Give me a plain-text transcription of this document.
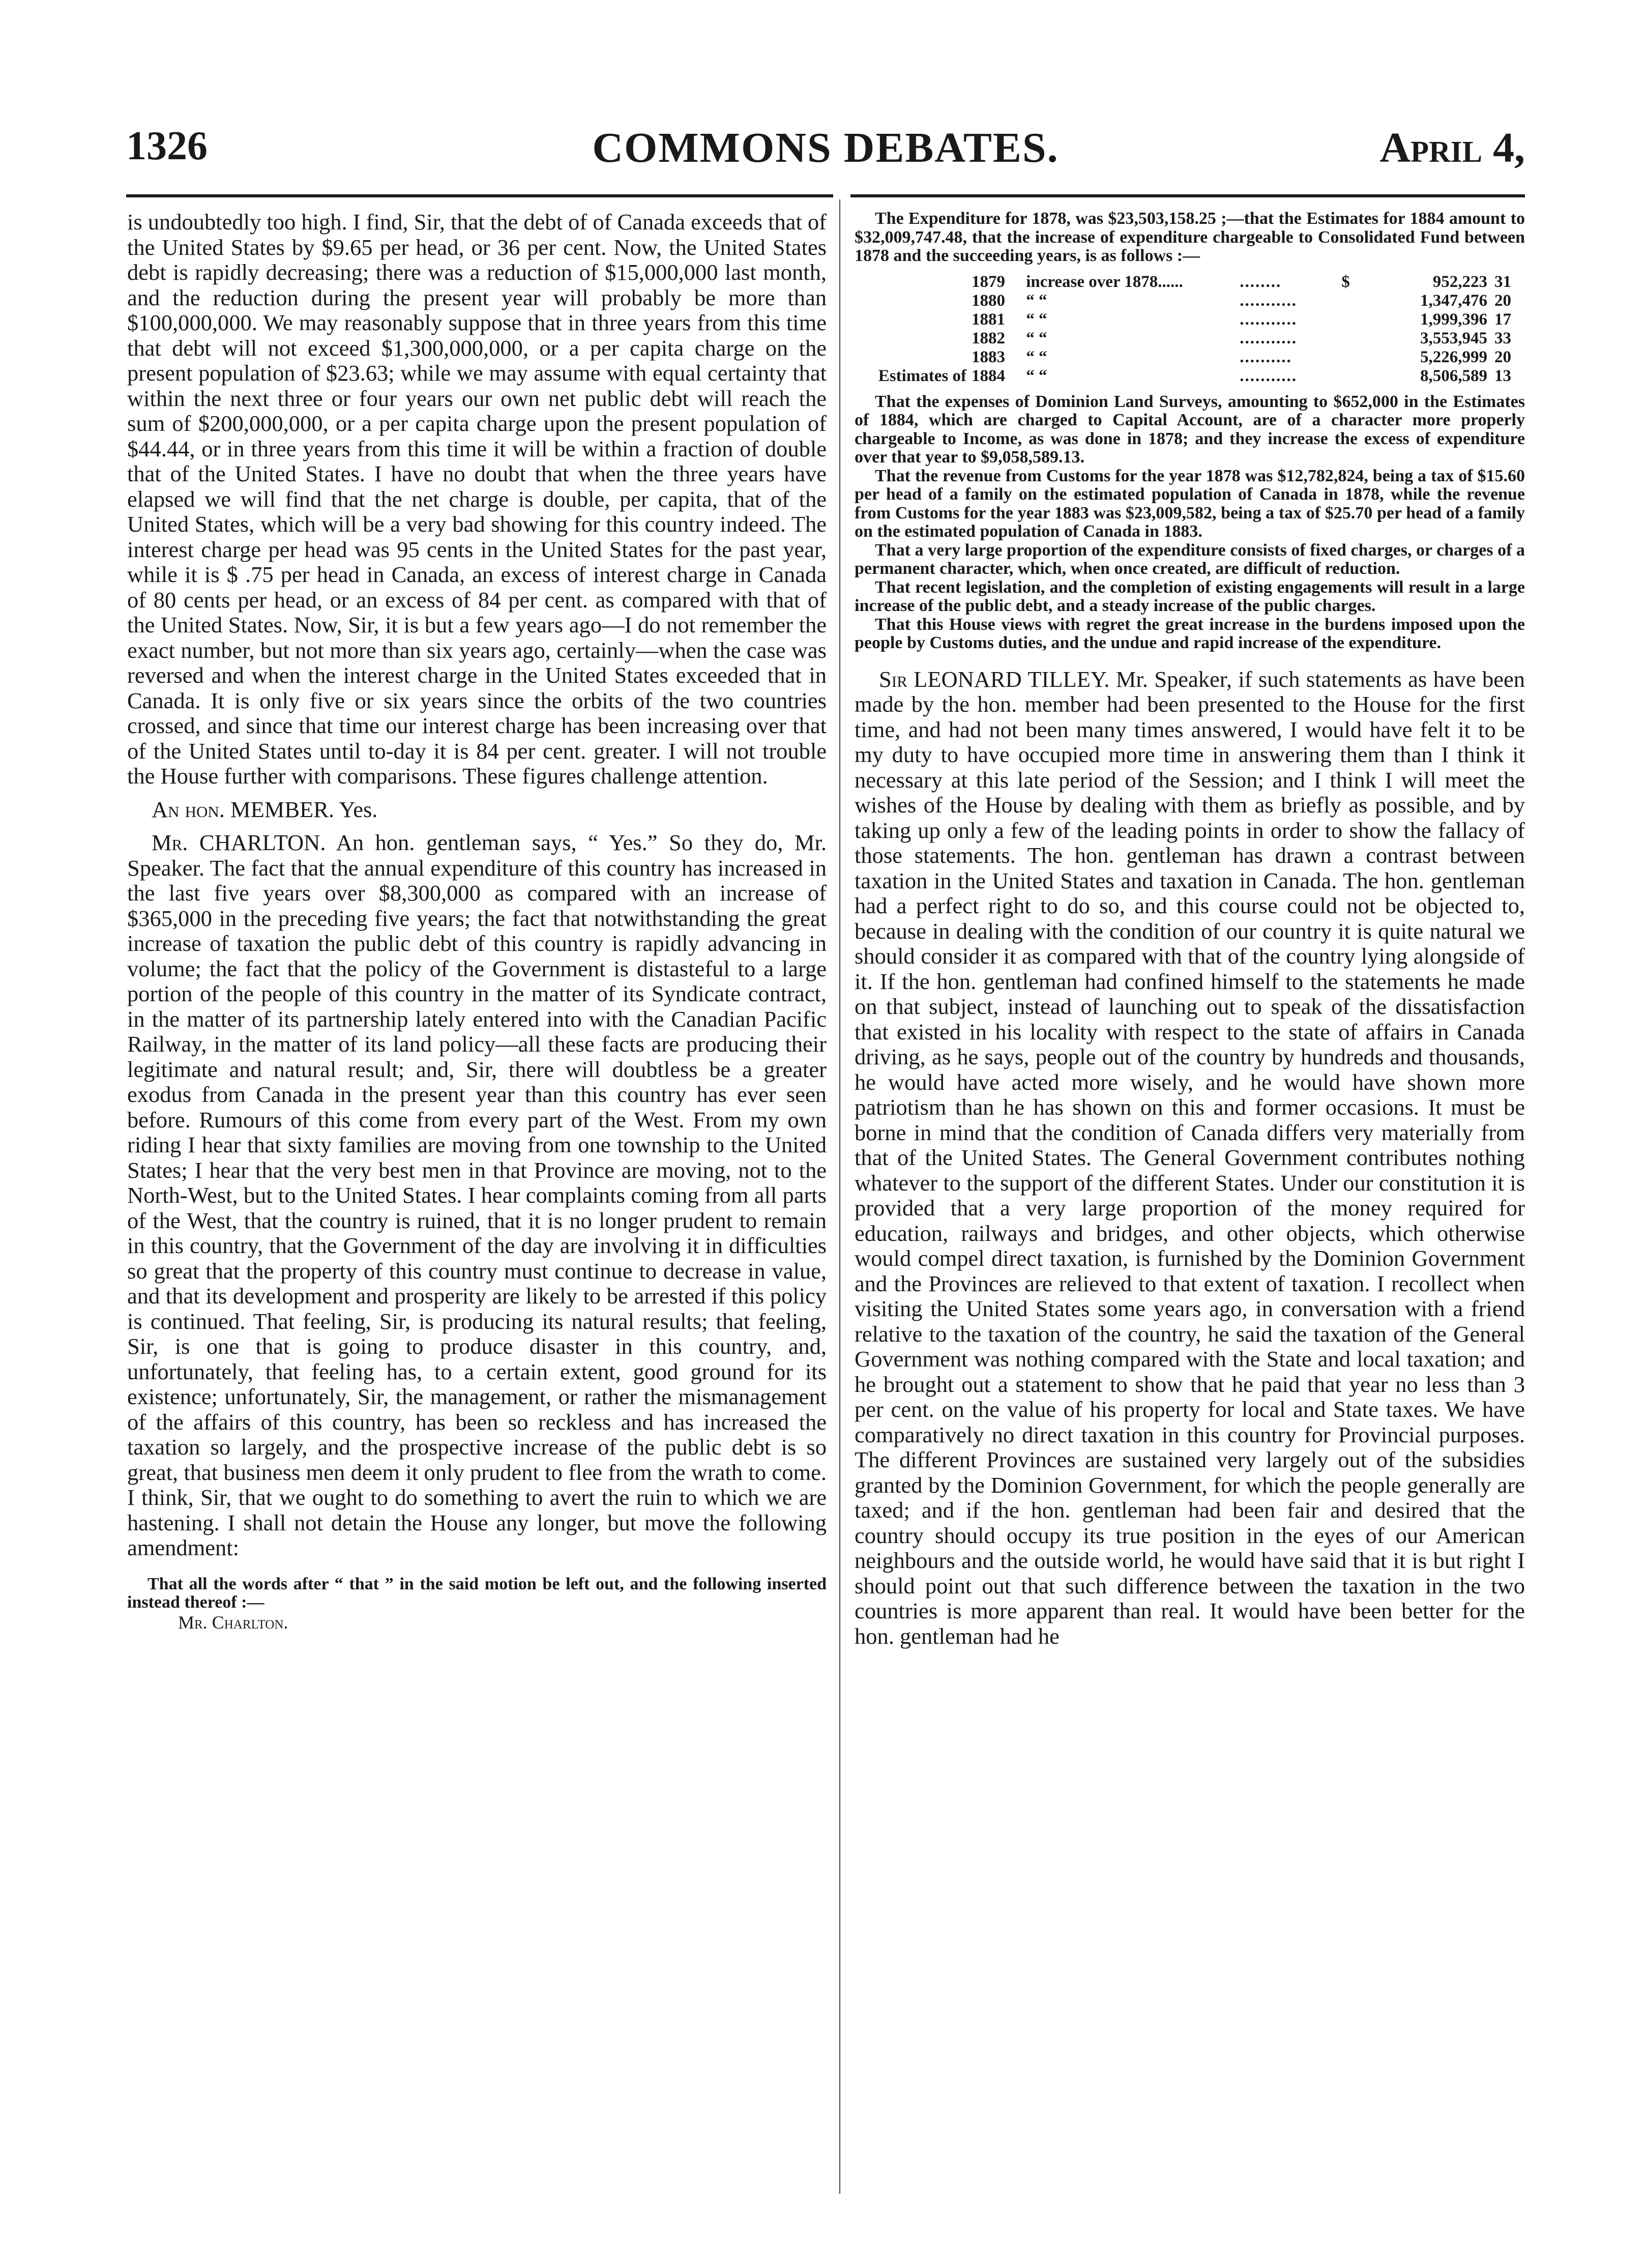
1326	COMMONS DEBATES.	April 4,

is undoubtedly too high. I find, Sir, that the debt of of Canada exceeds that of the United States by $9.65 per head, or 36 per cent. Now, the United States debt is rapidly decreasing; there was a reduction of $15,000,000 last month, and the reduction during the present year will probably be more than $100,000,000. We may reasonably suppose that in three years from this time that debt will not exceed $1,300,000,000, or a per capita charge on the present population of $23.63; while we may assume with equal certainty that within the next three or four years our own net public debt will reach the sum of $200,000,000, or a per capita charge upon the present population of $44.44, or in three years from this time it will be within a fraction of double that of the United States. I have no doubt that when the three years have elapsed we will find that the net charge is double, per capita, that of the United States, which will be a very bad showing for this country indeed. The interest charge per head was 95 cents in the United States for the past year, while it is $ .75 per head in Canada, an excess of interest charge in Canada of 80 cents per head, or an excess of 84 per cent. as compared with that of the United States. Now, Sir, it is but a few years ago—I do not remember the exact number, but not more than six years ago, certainly—when the case was reversed and when the interest charge in the United States exceeded that in Canada. It is only five or six years since the orbits of the two countries crossed, and since that time our interest charge has been increasing over that of the United States until to-day it is 84 per cent. greater. I will not trouble the House further with comparisons. These figures challenge attention.

An hon. MEMBER. Yes.

Mr. CHARLTON. An hon. gentleman says, “ Yes.” So they do, Mr. Speaker. The fact that the annual expenditure of this country has increased in the last five years over $8,300,000 as compared with an increase of $365,000 in the preceding five years; the fact that notwithstanding the great increase of taxation the public debt of this country is rapidly advancing in volume; the fact that the policy of the Government is distasteful to a large portion of the people of this country in the matter of its Syndicate contract, in the matter of its partnership lately entered into with the Canadian Pacific Railway, in the matter of its land policy—all these facts are producing their legitimate and natural result; and, Sir, there will doubtless be a greater exodus from Canada in the present year than this country has ever seen before. Rumours of this come from every part of the West. From my own riding I hear that sixty families are moving from one township to the United States; I hear that the very best men in that Province are moving, not to the North-West, but to the United States. I hear complaints coming from all parts of the West, that the country is ruined, that it is no longer prudent to remain in this country, that the Government of the day are involving it in difficulties so great that the property of this country must continue to decrease in value, and that its development and prosperity are likely to be arrested if this policy is continued. That feeling, Sir, is producing its natural results; that feeling, Sir, is one that is going to produce disaster in this country, and, unfortunately, that feeling has, to a certain extent, good ground for its existence; unfortunately, Sir, the management, or rather the mismanagement of the affairs of this country, has been so reckless and has increased the taxation so largely, and the prospective increase of the public debt is so great, that business men deem it only prudent to flee from the wrath to come. I think, Sir, that we ought to do something to avert the ruin to which we are hastening. I shall not detain the House any longer, but move the following amendment:

That all the words after “ that ” in the said motion be left out, and the following inserted instead thereof :—

Mr. Charlton.

The Expenditure for 1878, was $23,503,158.25 ;—that the Estimates for 1884 amount to $32,009,747.48, that the increase of expenditure chargeable to Consolidated Fund between 1878 and the succeeding years, is as follows :—

	1879	increase over 1878......	........	$	952,223	31
	1880	“ “	...........		1,347,476	20
	1881	“ “	...........		1,999,396	17
	1882	“ “	...........		3,553,945	33
	1883	“ “	..........		5,226,999	20
Estimates of	1884	“ “	...........		8,506,589	13

That the expenses of Dominion Land Surveys, amounting to $652,000 in the Estimates of 1884, which are charged to Capital Account, are of a character more properly chargeable to Income, as was done in 1878; and they increase the excess of expenditure over that year to $9,058,589.13.

That the revenue from Customs for the year 1878 was $12,782,824, being a tax of $15.60 per head of a family on the estimated population of Canada in 1878, while the revenue from Customs for the year 1883 was $23,009,582, being a tax of $25.70 per head of a family on the estimated population of Canada in 1883.

That a very large proportion of the expenditure consists of fixed charges, or charges of a permanent character, which, when once created, are difficult of reduction.

That recent legislation, and the completion of existing engagements will result in a large increase of the public debt, and a steady increase of the public charges.

That this House views with regret the great increase in the burdens imposed upon the people by Customs duties, and the undue and rapid increase of the expenditure.

Sir LEONARD TILLEY. Mr. Speaker, if such statements as have been made by the hon. member had been presented to the House for the first time, and had not been many times answered, I would have felt it to be my duty to have occupied more time in answering them than I think it necessary at this late period of the Session; and I think I will meet the wishes of the House by dealing with them as briefly as possible, and by taking up only a few of the leading points in order to show the fallacy of those statements. The hon. gentleman has drawn a contrast between taxation in the United States and taxation in Canada. The hon. gentleman had a perfect right to do so, and this course could not be objected to, because in dealing with the condition of our country it is quite natural we should consider it as compared with that of the country lying alongside of it. If the hon. gentleman had confined himself to the statements he made on that subject, instead of launching out to speak of the dissatisfaction that existed in his locality with respect to the state of affairs in Canada driving, as he says, people out of the country by hundreds and thousands, he would have acted more wisely, and he would have shown more patriotism than he has shown on this and former occasions. It must be borne in mind that the condition of Canada differs very materially from that of the United States. The General Government contributes nothing whatever to the support of the different States. Under our constitution it is provided that a very large proportion of the money required for education, railways and bridges, and other objects, which otherwise would compel direct taxation, is furnished by the Dominion Government and the Provinces are relieved to that extent of taxation. I recollect when visiting the United States some years ago, in conversation with a friend relative to the taxation of the country, he said the taxation of the General Government was nothing compared with the State and local taxation; and he brought out a statement to show that he paid that year no less than 3 per cent. on the value of his property for local and State taxes. We have comparatively no direct taxation in this country for Provincial purposes. The different Provinces are sustained very largely out of the subsidies granted by the Dominion Government, for which the people generally are taxed; and if the hon. gentleman had been fair and desired that the country should occupy its true position in the eyes of our American neighbours and the outside world, he would have said that it is but right I should point out that such difference between the taxation in the two countries is more apparent than real. It would have been better for the hon. gentleman had he
